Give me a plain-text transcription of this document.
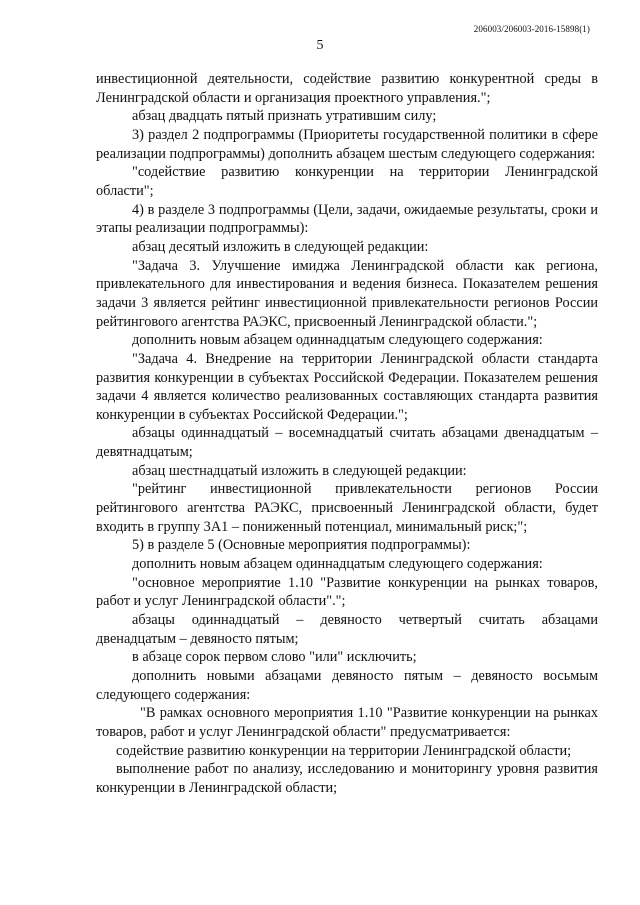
206003/206003-2016-15898(1)
5

инвестиционной деятельности, содействие развитию конкурентной среды в Ленинградской области и организация проектного управления.";

абзац двадцать пятый признать утратившим силу;

3) раздел 2 подпрограммы (Приоритеты государственной политики в сфере реализации подпрограммы) дополнить абзацем шестым следующего содержания:

"содействие развитию конкуренции на территории Ленинградской области";

4) в разделе 3 подпрограммы (Цели, задачи, ожидаемые результаты, сроки и этапы реализации подпрограммы):

абзац десятый изложить в следующей редакции:

"Задача 3. Улучшение имиджа Ленинградской области как региона, привлекательного для инвестирования и ведения бизнеса. Показателем решения задачи 3 является рейтинг инвестиционной привлекательности регионов России рейтингового агентства РАЭКС, присвоенный Ленинградской области.";

дополнить новым абзацем одиннадцатым следующего содержания:

"Задача 4. Внедрение на территории Ленинградской области стандарта развития конкуренции в субъектах Российской Федерации. Показателем решения задачи 4 является количество реализованных составляющих стандарта развития конкуренции в субъектах Российской Федерации.";

абзацы одиннадцатый – восемнадцатый считать абзацами двенадцатым – девятнадцатым;

абзац шестнадцатый изложить в следующей редакции:

"рейтинг инвестиционной привлекательности регионов России рейтингового агентства РАЭКС, присвоенный Ленинградской области, будет входить в группу 3А1 – пониженный потенциал, минимальный риск;";

5) в разделе 5 (Основные мероприятия подпрограммы):

дополнить новым абзацем одиннадцатым следующего содержания:

"основное мероприятие 1.10 "Развитие конкуренции на рынках товаров, работ и услуг Ленинградской области".";

абзацы одиннадцатый – девяносто четвертый считать абзацами двенадцатым – девяносто пятым;

в абзаце сорок первом слово "или" исключить;

дополнить новыми абзацами девяносто пятым – девяносто восьмым следующего содержания:

"В рамках основного мероприятия 1.10 "Развитие конкуренции на рынках товаров, работ и услуг Ленинградской области" предусматривается:

содействие развитию конкуренции на территории Ленинградской области;

выполнение работ по анализу, исследованию и мониторингу уровня развития конкуренции в Ленинградской области;
